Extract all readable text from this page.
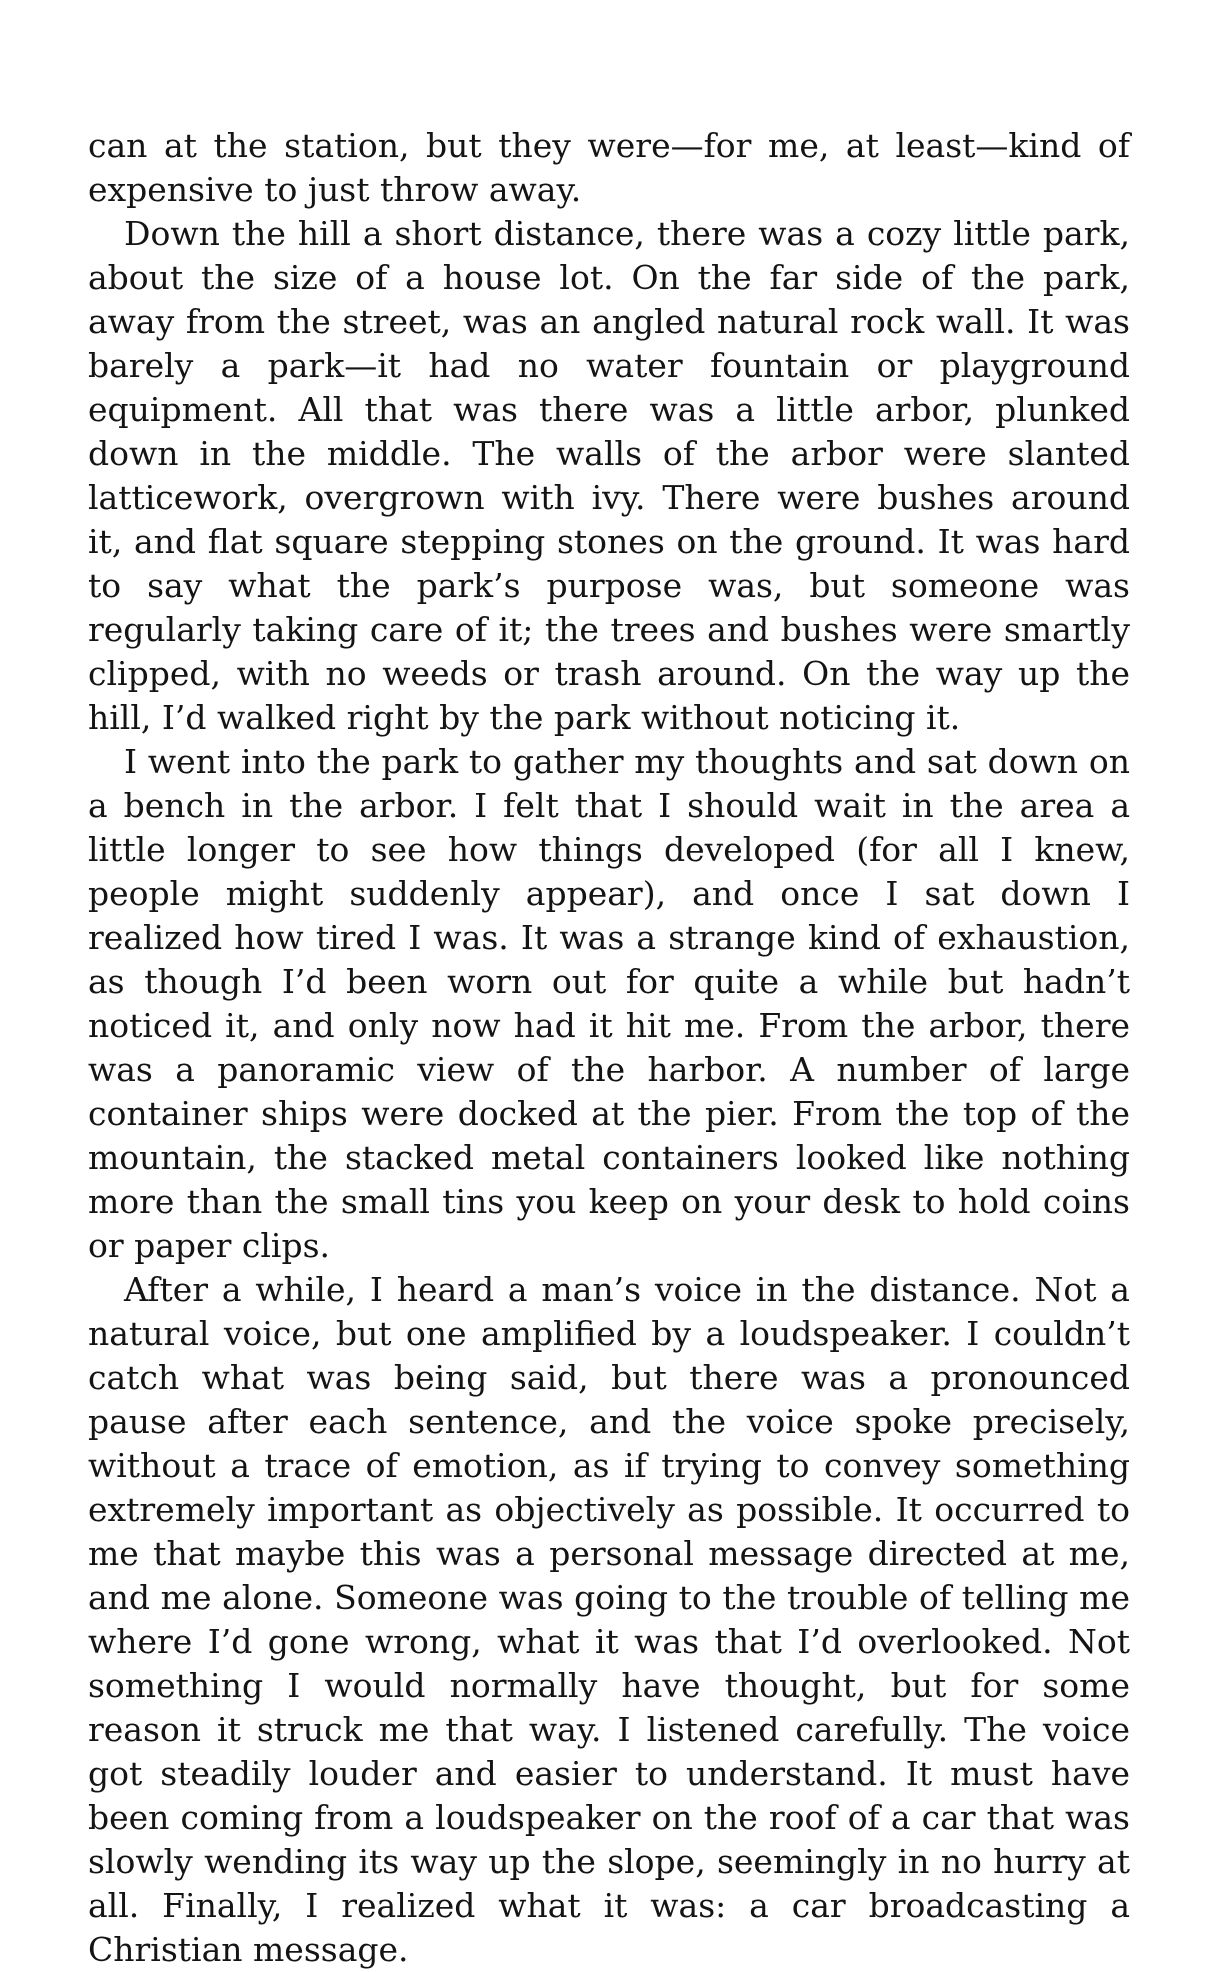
can at the station, but they were—for me, at least—kind of expensive to just throw away.

Down the hill a short distance, there was a cozy little park, about the size of a house lot. On the far side of the park, away from the street, was an angled natural rock wall. It was barely a park—it had no water fountain or playground equipment. All that was there was a little arbor, plunked down in the middle. The walls of the arbor were slanted latticework, overgrown with ivy. There were bushes around it, and flat square stepping stones on the ground. It was hard to say what the park’s purpose was, but someone was regularly taking care of it; the trees and bushes were smartly clipped, with no weeds or trash around. On the way up the hill, I’d walked right by the park without noticing it.

I went into the park to gather my thoughts and sat down on a bench in the arbor. I felt that I should wait in the area a little longer to see how things developed (for all I knew, people might suddenly appear), and once I sat down I realized how tired I was. It was a strange kind of exhaustion, as though I’d been worn out for quite a while but hadn’t noticed it, and only now had it hit me. From the arbor, there was a panoramic view of the harbor. A number of large container ships were docked at the pier. From the top of the mountain, the stacked metal containers looked like nothing more than the small tins you keep on your desk to hold coins or paper clips.

After a while, I heard a man’s voice in the distance. Not a natural voice, but one amplified by a loudspeaker. I couldn’t catch what was being said, but there was a pronounced pause after each sentence, and the voice spoke precisely, without a trace of emotion, as if trying to convey something extremely important as objectively as possible. It occurred to me that maybe this was a personal message directed at me, and me alone. Someone was going to the trouble of telling me where I’d gone wrong, what it was that I’d overlooked. Not something I would normally have thought, but for some reason it struck me that way. I listened carefully. The voice got steadily louder and easier to understand. It must have been coming from a loudspeaker on the roof of a car that was slowly wending its way up the slope, seemingly in no hurry at all. Finally, I realized what it was: a car broadcasting a Christian message.
